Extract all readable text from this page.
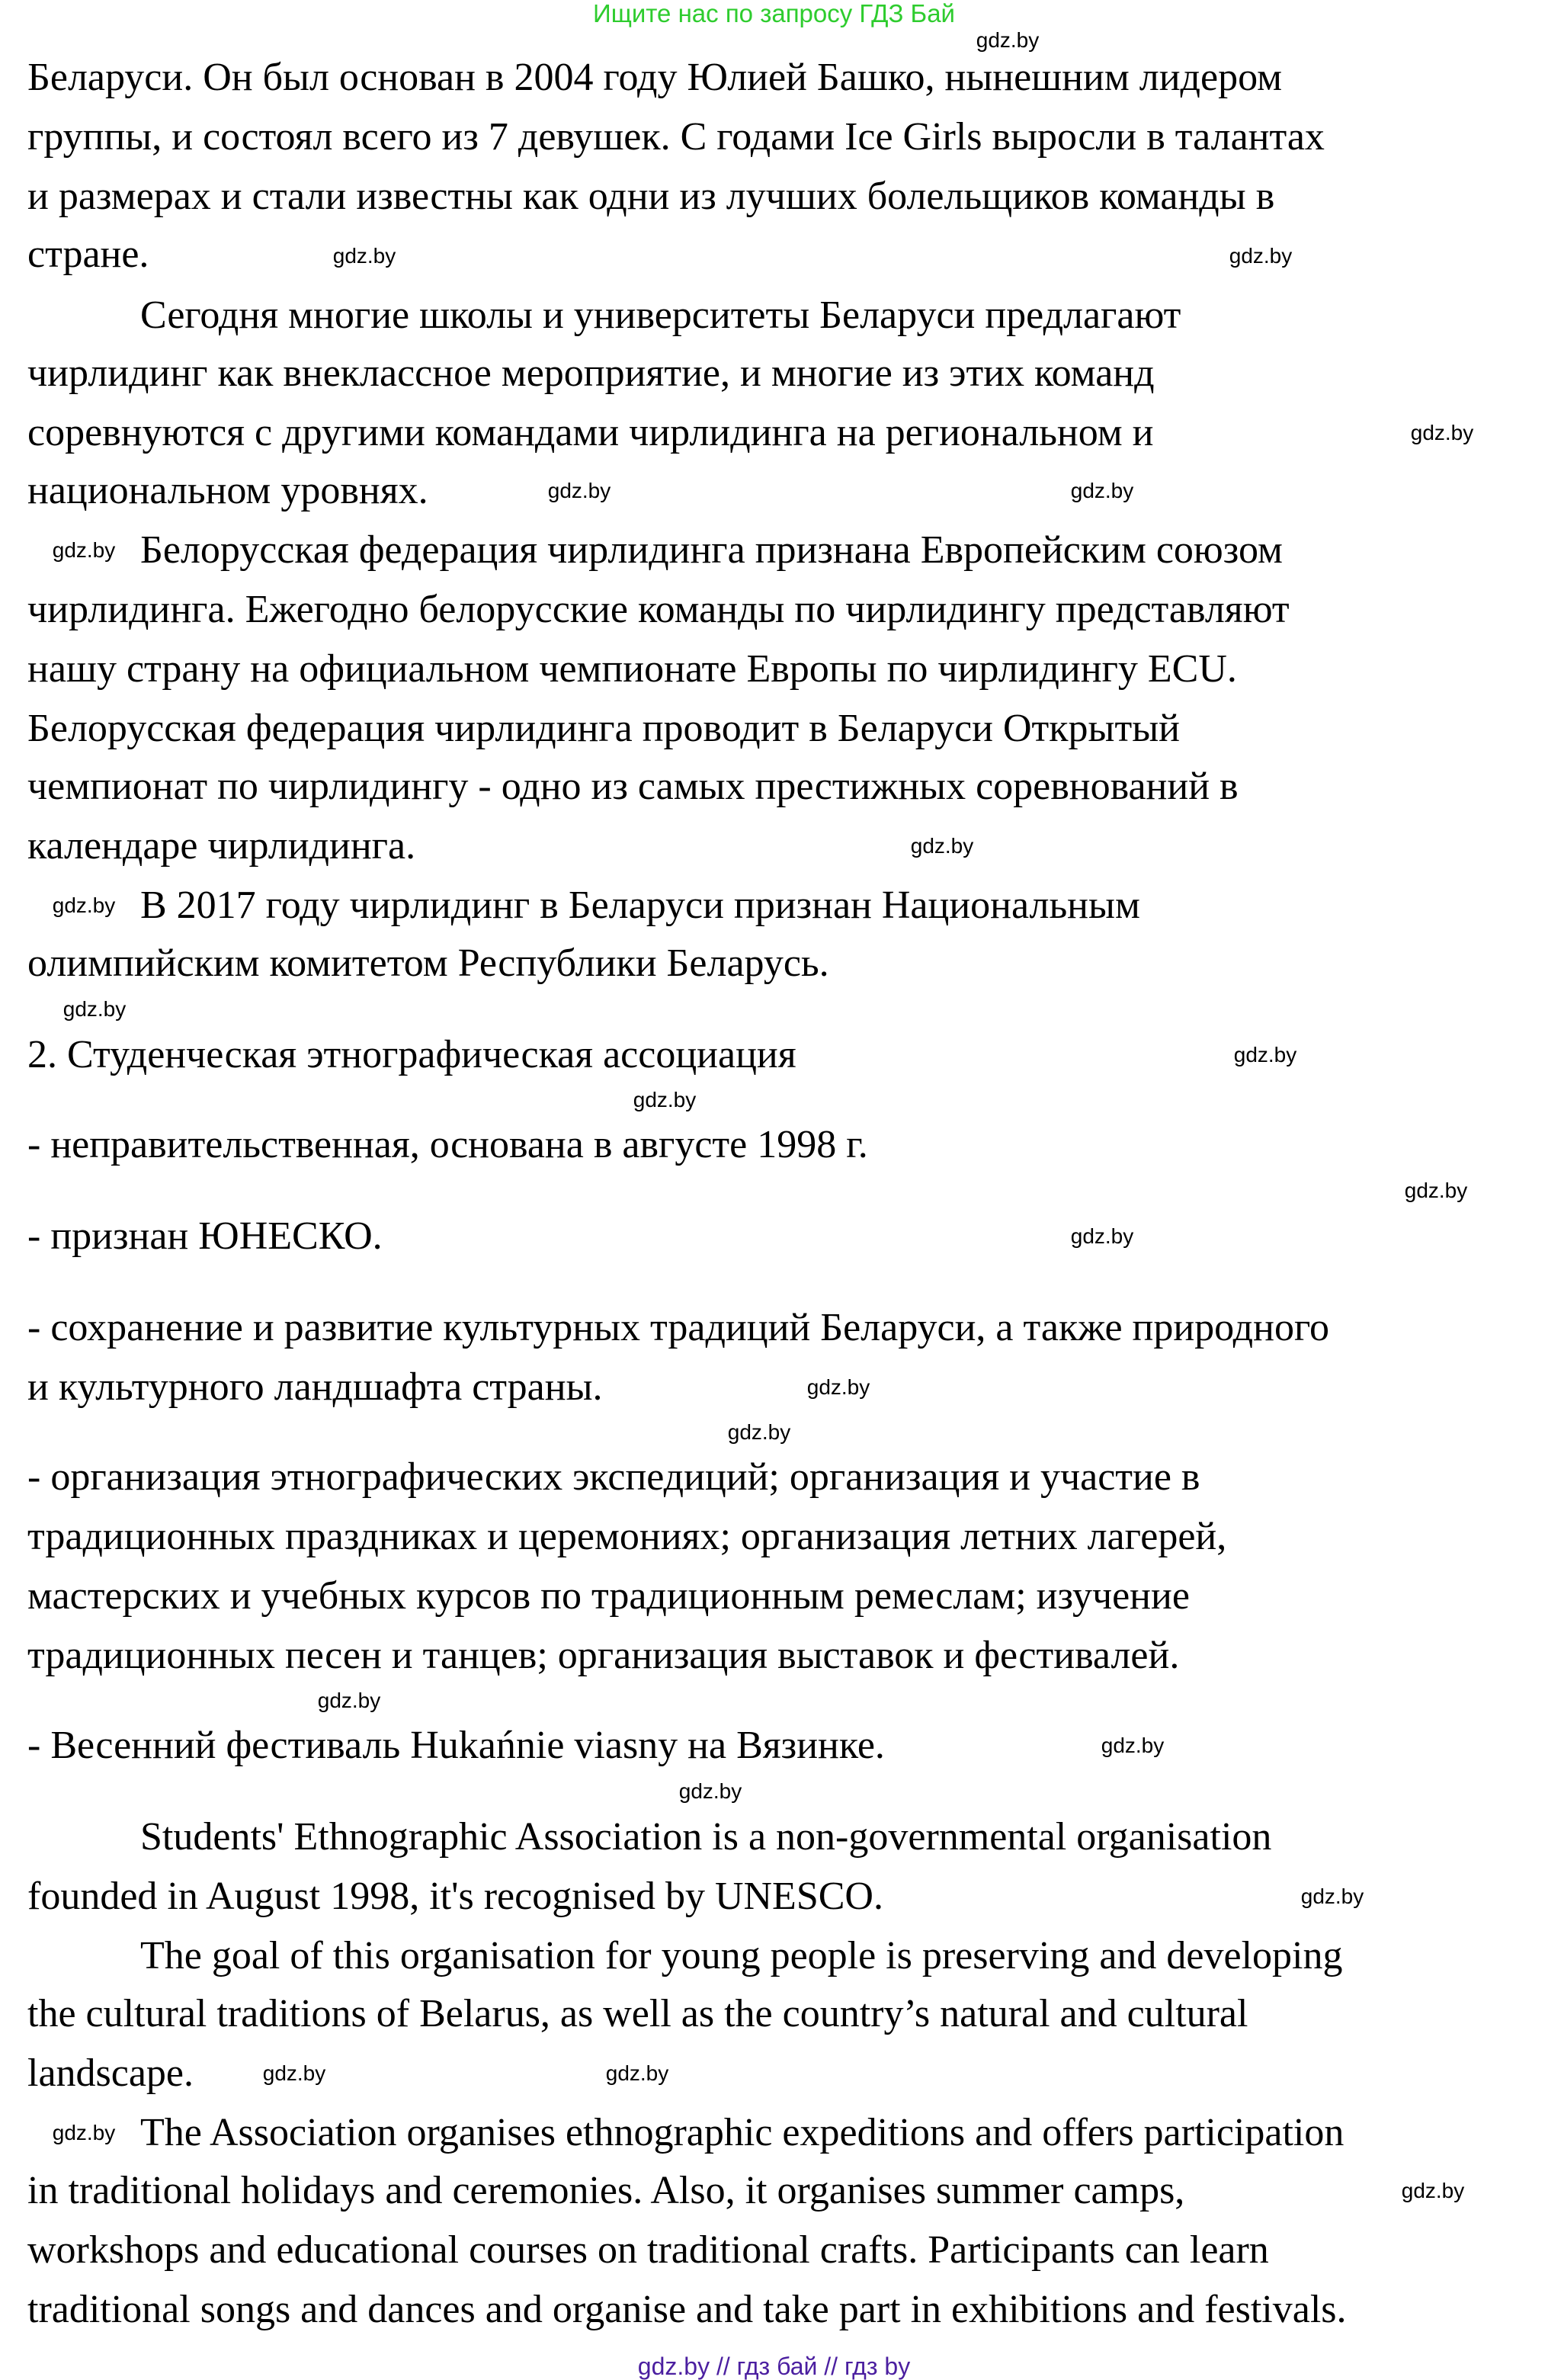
Ищите нас по запросу ГДЗ Бай
Беларуси. Он был основан в 2004 году Юлией Башко, нынешним лидером
группы, и состоял всего из 7 девушек. С годами Ice Girls выросли в талантах
и размерах и стали известны как одни из лучших болельщиков команды в
стране.
Сегодня многие школы и университеты Беларуси предлагают
чирлидинг как внеклассное мероприятие, и многие из этих команд
соревнуются с другими командами чирлидинга на региональном и
национальном уровнях.
Белорусская федерация чирлидинга признана Европейским союзом
чирлидинга. Ежегодно белорусские команды по чирлидингу представляют
нашу страну на официальном чемпионате Европы по чирлидингу ECU.
Белорусская федерация чирлидинга проводит в Беларуси Открытый
чемпионат по чирлидингу - одно из самых престижных соревнований в
календаре чирлидинга.
В 2017 году чирлидинг в Беларуси признан Национальным
олимпийским комитетом Республики Беларусь.
2. Студенческая этнографическая ассоциация
- неправительственная, основана в августе 1998 г.
- признан ЮНЕСКО.
- сохранение и развитие культурных традиций Беларуси, а также природного
и культурного ландшафта страны.
- организация этнографических экспедиций; организация и участие в
традиционных праздниках и церемониях; организация летних лагерей,
мастерских и учебных курсов по традиционным ремеслам; изучение
традиционных песен и танцев; организация выставок и фестивалей.
- Весенний фестиваль Hukańnie viasny на Вязинке.
Students' Ethnographic Association is a non-governmental organisation
founded in August 1998, it's recognised by UNESCO.
The goal of this organisation for young people is preserving and developing
the cultural traditions of Belarus, as well as the country’s natural and cultural
landscape.
The Association organises ethnographic expeditions and offers participation
in traditional holidays and ceremonies. Also, it organises summer camps,
workshops and educational courses on traditional crafts. Participants can learn
traditional songs and dances and organise and take part in exhibitions and festivals.
gdz.by
gdz.by
gdz.by
gdz.by
gdz.by
gdz.by
gdz.by
gdz.by
gdz.by
gdz.by
gdz.by
gdz.by
gdz.by
gdz.by
gdz.by
gdz.by
gdz.by
gdz.by
gdz.by
gdz.by
gdz.by	gdz.by
gdz.by
gdz.by
gdz.by // гдз бай // гдз by
